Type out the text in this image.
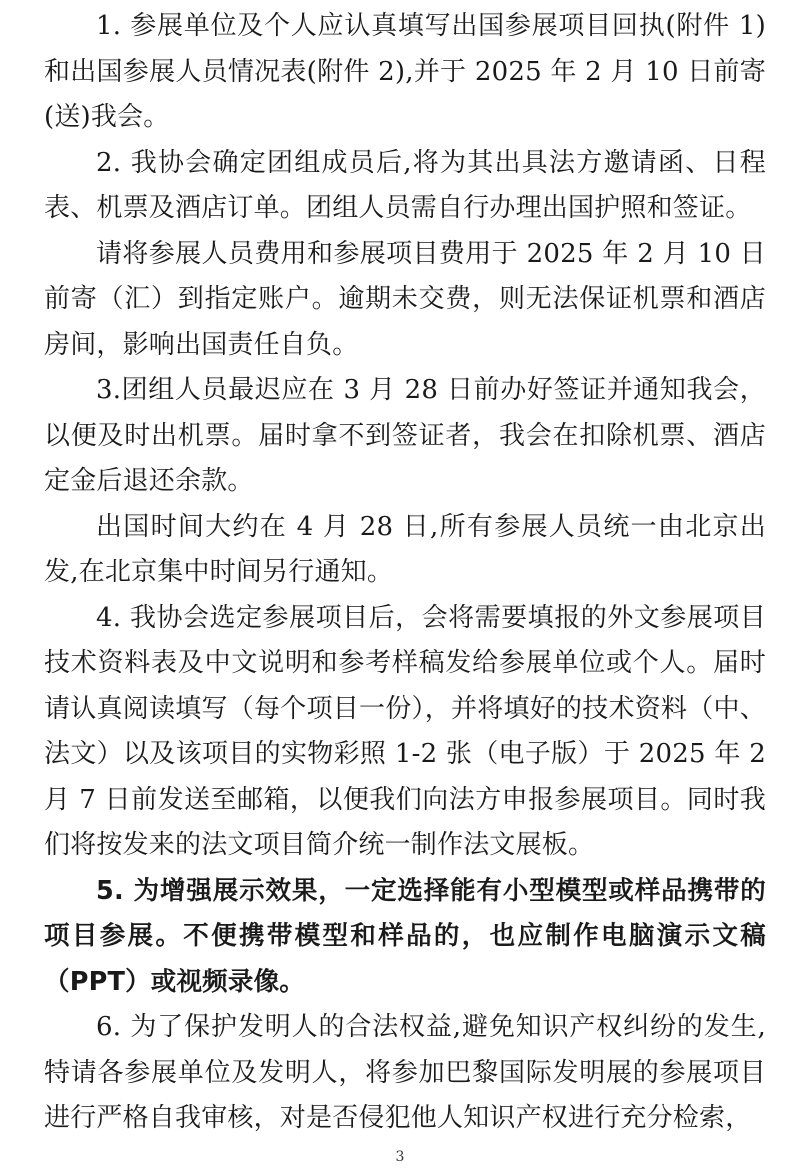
1. 参展单位及个人应认真填写出国参展项目回执(附件 1)和出国参展人员情况表(附件 2),并于 2025 年 2 月 10 日前寄(送)我会。

2. 我协会确定团组成员后,将为其出具法方邀请函、日程表、机票及酒店订单。团组人员需自行办理出国护照和签证。

请将参展人员费用和参展项目费用于 2025 年 2 月 10 日前寄（汇）到指定账户。逾期未交费，则无法保证机票和酒店房间，影响出国责任自负。

3.团组人员最迟应在 3 月 28 日前办好签证并通知我会，以便及时出机票。届时拿不到签证者，我会在扣除机票、酒店定金后退还余款。

出国时间大约在 4 月 28 日,所有参展人员统一由北京出发,在北京集中时间另行通知。

4. 我协会选定参展项目后，会将需要填报的外文参展项目技术资料表及中文说明和参考样稿发给参展单位或个人。届时请认真阅读填写（每个项目一份），并将填好的技术资料（中、法文）以及该项目的实物彩照 1-2 张（电子版）于 2025 年 2 月 7 日前发送至邮箱，以便我们向法方申报参展项目。同时我们将按发来的法文项目简介统一制作法文展板。

5. 为增强展示效果，一定选择能有小型模型或样品携带的项目参展。不便携带模型和样品的，也应制作电脑演示文稿（PPT）或视频录像。

6. 为了保护发明人的合法权益,避免知识产权纠纷的发生,特请各参展单位及发明人，将参加巴黎国际发明展的参展项目进行严格自我审核，对是否侵犯他人知识产权进行充分检索，

3
